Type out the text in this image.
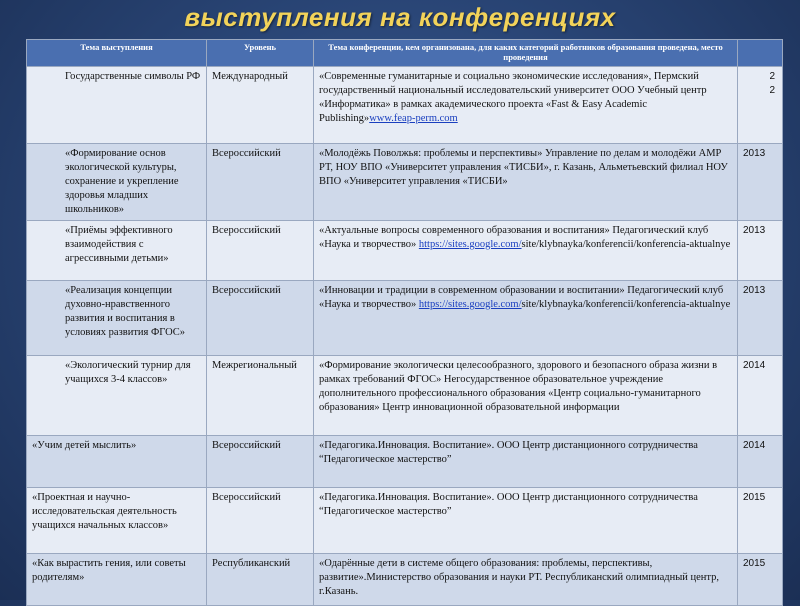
выступления на конференциях
Тема выступления	Уровень	Тема конференции, кем организована, для каких категорий работников образования проведена, место проведения	
Государственные символы РФ	Международный	«Современные гуманитарные и социально экономические исследования», Пермский государственный национальный исследовательский университет ООО Учебный центр «Информатика» в рамках академического проекта «Fast & Easy Academic Publishing»www.feap-perm.com	2
2

«Формирование основ экологической культуры, сохранение и укрепление здоровья младших школьников»	Всероссийский	«Молодёжь Поволжья: проблемы и перспективы» Управление по делам и молодёжи АМР РТ, НОУ ВПО «Университет управления «ТИСБИ», г. Казань, Альметьевский филиал НОУ ВПО «Университет управления «ТИСБИ»	2013
«Приёмы эффективного взаимодействия с агрессивными детьми»	Всероссийский	«Актуальные вопросы современного образования и воспитания» Педагогический клуб «Наука и творчество» https://sites.google.com/site/klybnayka/konferencii/konferencia-aktualnye	2013
«Реализация концепции духовно-нравственного развития и воспитания в условиях развития ФГОС»	Всероссийский	«Инновации и традиции в современном образовании и воспитании» Педагогический клуб «Наука и творчество» https://sites.google.com/site/klybnayka/konferencii/konferencia-aktualnye	2013
«Экологический турнир для учащихся 3-4 классов»	Межрегиональный	«Формирование экологически целесообразного, здорового и безопасного образа жизни в рамках требований ФГОС» Негосударственное образовательное учреждение дополнительного профессионального образования «Центр социально-гуманитарного образования» Центр инновационной образовательной информации	2014
«Учим детей мыслить»	Всероссийский	«Педагогика.Инновация. Воспитание». ООО Центр дистанционного сотрудничества “Педагогическое мастерство”	2014
«Проектная и научно-исследовательская деятельность учащихся начальных классов»	Всероссийский	«Педагогика.Инновация. Воспитание». ООО Центр дистанционного сотрудничества “Педагогическое мастерство”	2015
«Как вырастить гения, или советы родителям»	Республиканский	«Одарённые дети в системе общего образования: проблемы, перспективы, развитие».Министерство образования и науки РТ. Республиканский олимпиадный центр, г.Казань.	2015
